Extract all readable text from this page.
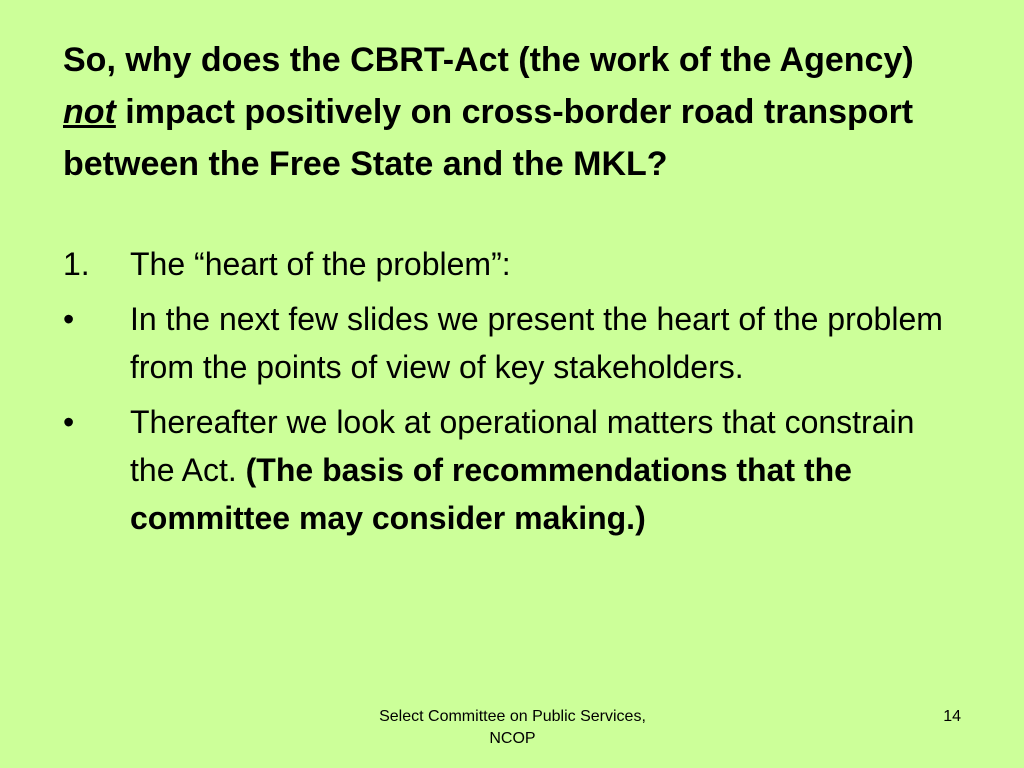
So, why does the CBRT-Act (the work of the Agency) not impact positively on cross-border road transport between the Free State and the MKL?
1.	The “heart of the problem”:
•	In the next few slides we present the heart of the problem from the points of view of key stakeholders.
•	Thereafter we look at operational matters that constrain the Act. (The basis of recommendations that the committee may consider making.)
Select Committee on Public Services, NCOP
14
